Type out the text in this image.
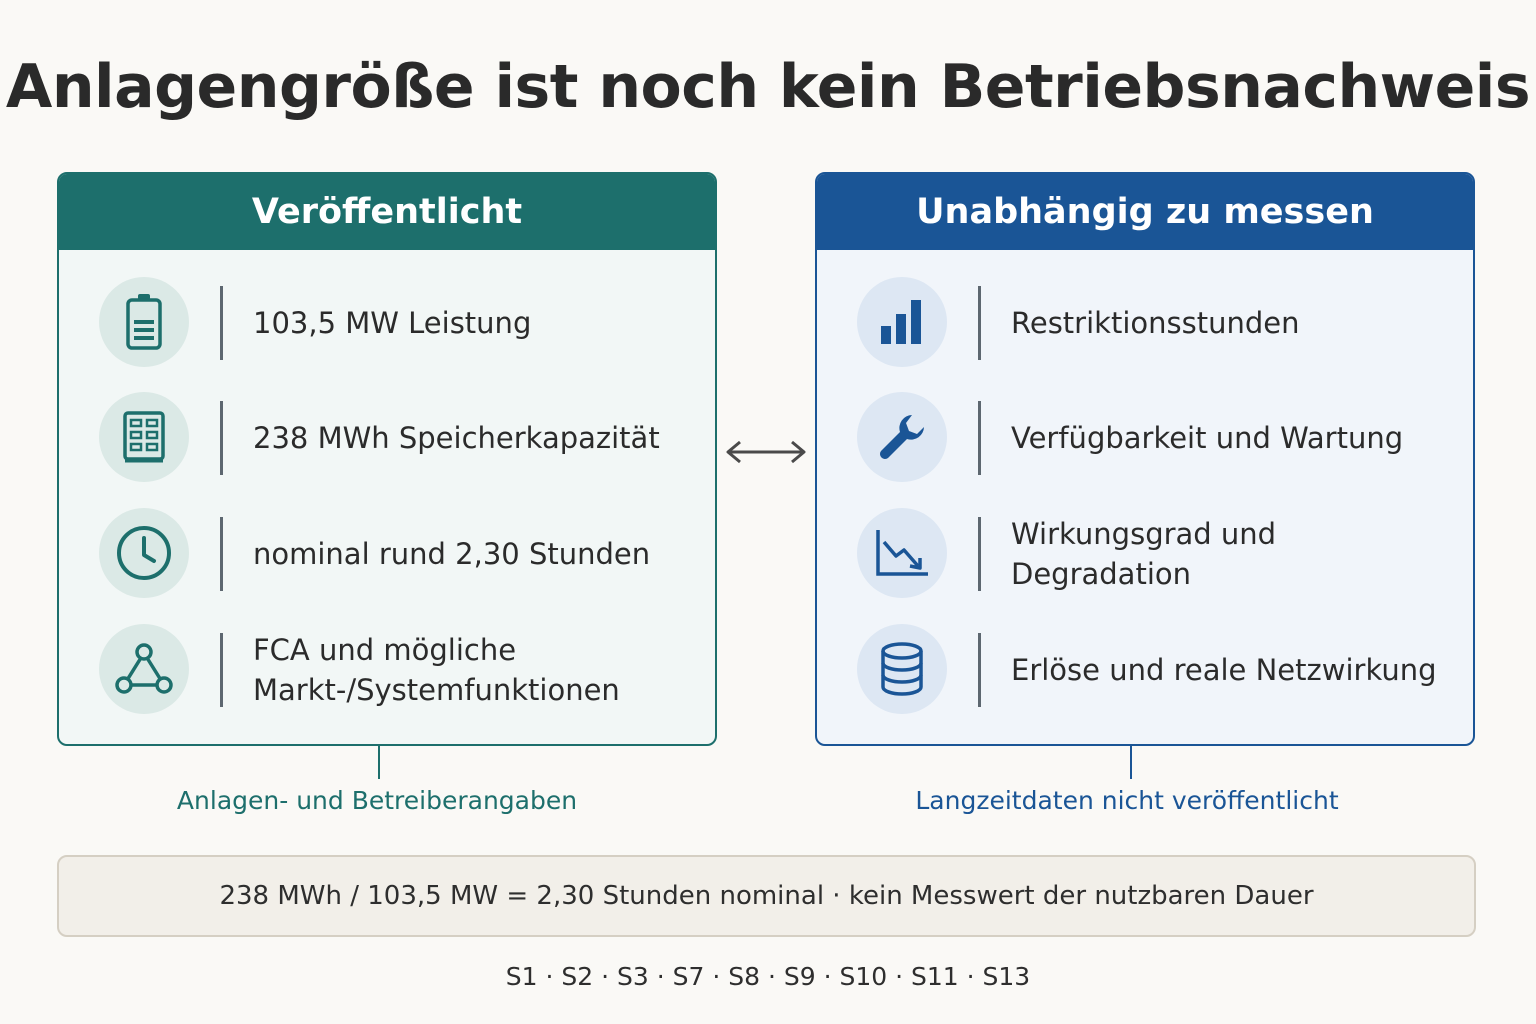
Anlagengröße ist noch kein Betriebsnachweis
Veröffentlicht
103,5 MW Leistung
238 MWh Speicherkapazität
nominal rund 2,30 Stunden
FCA und mögliche
Markt-/Systemfunktionen
Unabhängig zu messen
Restriktionsstunden
Verfügbarkeit und Wartung
Wirkungsgrad und Degradation
Erlöse und reale Netzwirkung
Anlagen- und Betreiberangaben	Langzeitdaten nicht veröffentlicht
238 MWh / 103,5 MW = 2,30 Stunden nominal · kein Messwert der nutzbaren Dauer
S1 · S2 · S3 · S7 · S8 · S9 · S10 · S11 · S13
